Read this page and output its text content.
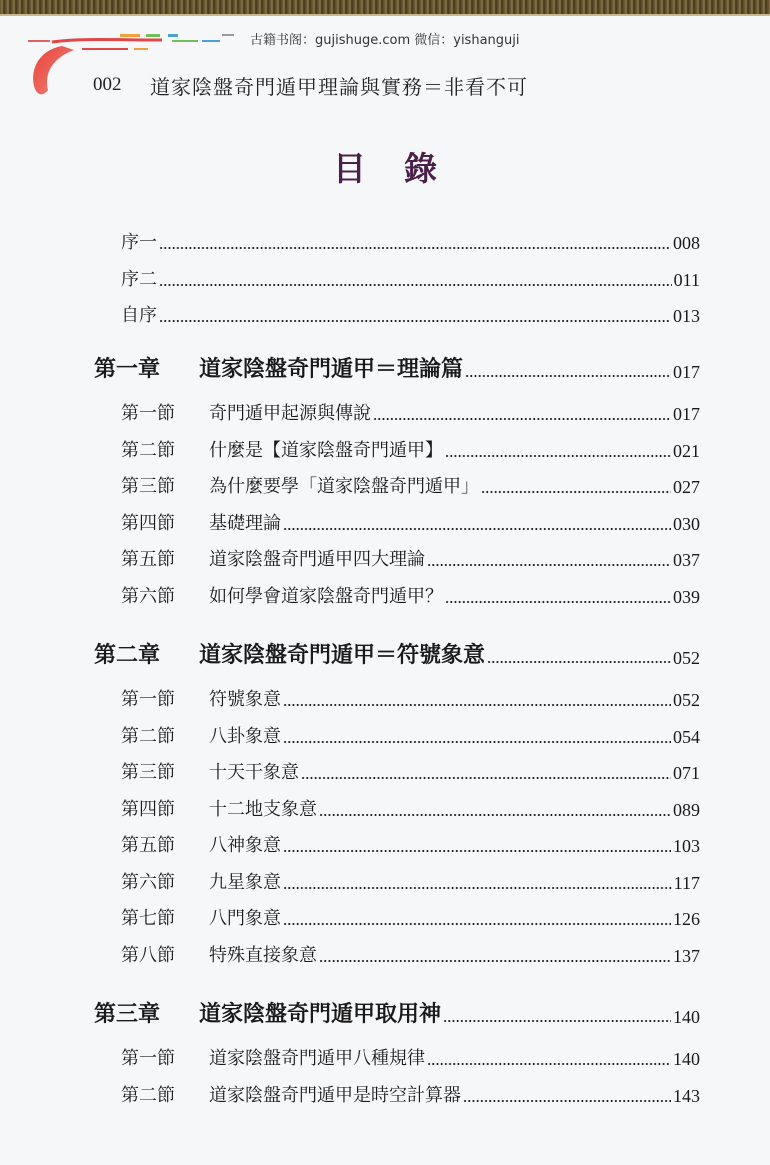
古籍书阁：gujishuge.com 微信：yishanguji
002 道家陰盤奇門遁甲理論與實務＝非看不可
目錄
序一	008
序二	011
自序	013
第一章 道家陰盤奇門遁甲＝理論篇	017
第一節 奇門遁甲起源與傳說	017
第二節 什麼是【道家陰盤奇門遁甲】	021
第三節 為什麼要學「道家陰盤奇門遁甲」	027
第四節 基礎理論	030
第五節 道家陰盤奇門遁甲四大理論	037
第六節 如何學會道家陰盤奇門遁甲？	039
第二章 道家陰盤奇門遁甲＝符號象意	052
第一節 符號象意	052
第二節 八卦象意	054
第三節 十天干象意	071
第四節 十二地支象意	089
第五節 八神象意	103
第六節 九星象意	117
第七節 八門象意	126
第八節 特殊直接象意	137
第三章 道家陰盤奇門遁甲取用神	140
第一節 道家陰盤奇門遁甲八種規律	140
第二節 道家陰盤奇門遁甲是時空計算器	143
